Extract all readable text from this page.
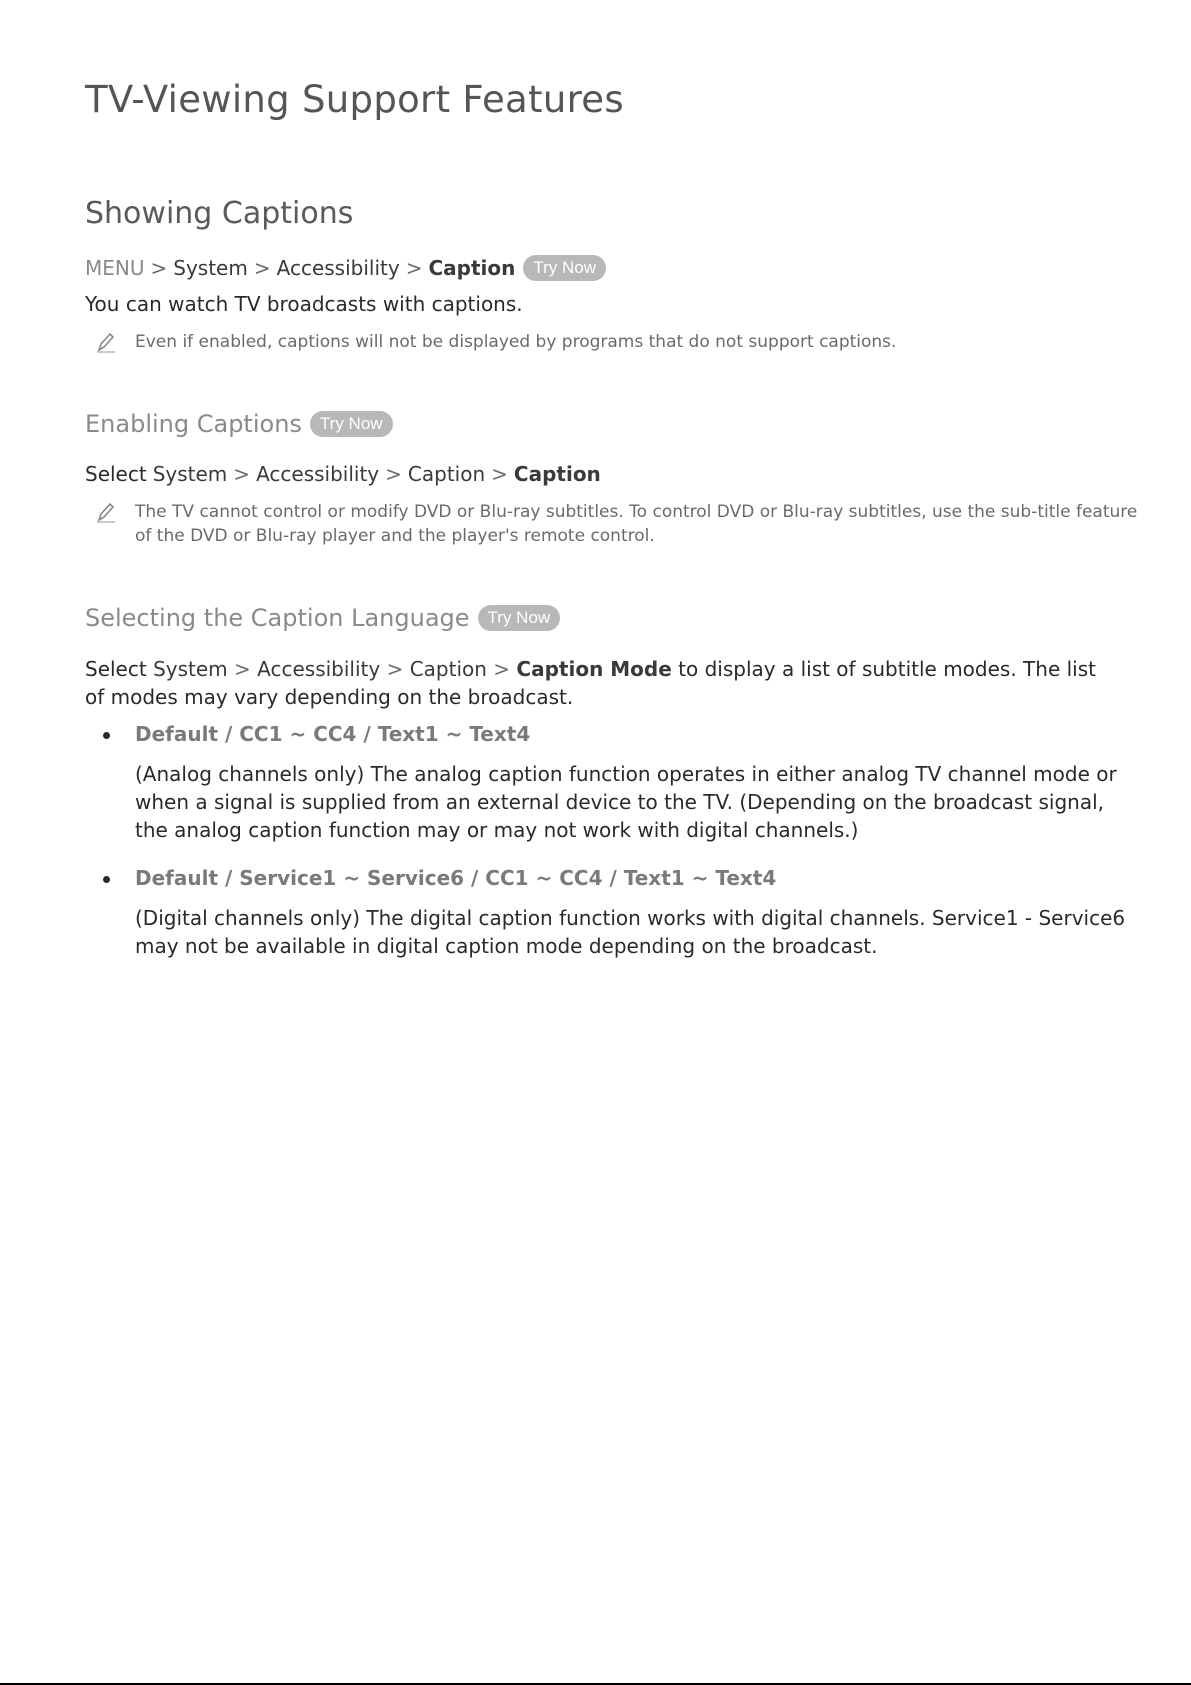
TV-Viewing Support Features
Showing Captions
MENU > System > Accessibility > Caption	Try Now
You can watch TV broadcasts with captions.
Even if enabled, captions will not be displayed by programs that do not support captions.
Enabling Captions	Try Now
Select System > Accessibility > Caption > Caption
The TV cannot control or modify DVD or Blu-ray subtitles. To control DVD or Blu-ray subtitles, use the sub-title feature of the DVD or Blu-ray player and the player's remote control.
Selecting the Caption Language	Try Now
Select System > Accessibility > Caption > Caption Mode to display a list of subtitle modes. The list of modes may vary depending on the broadcast.
Default / CC1 ~ CC4 / Text1 ~ Text4
(Analog channels only) The analog caption function operates in either analog TV channel mode or when a signal is supplied from an external device to the TV. (Depending on the broadcast signal, the analog caption function may or may not work with digital channels.)
Default / Service1 ~ Service6 / CC1 ~ CC4 / Text1 ~ Text4
(Digital channels only) The digital caption function works with digital channels. Service1 - Service6 may not be available in digital caption mode depending on the broadcast.
